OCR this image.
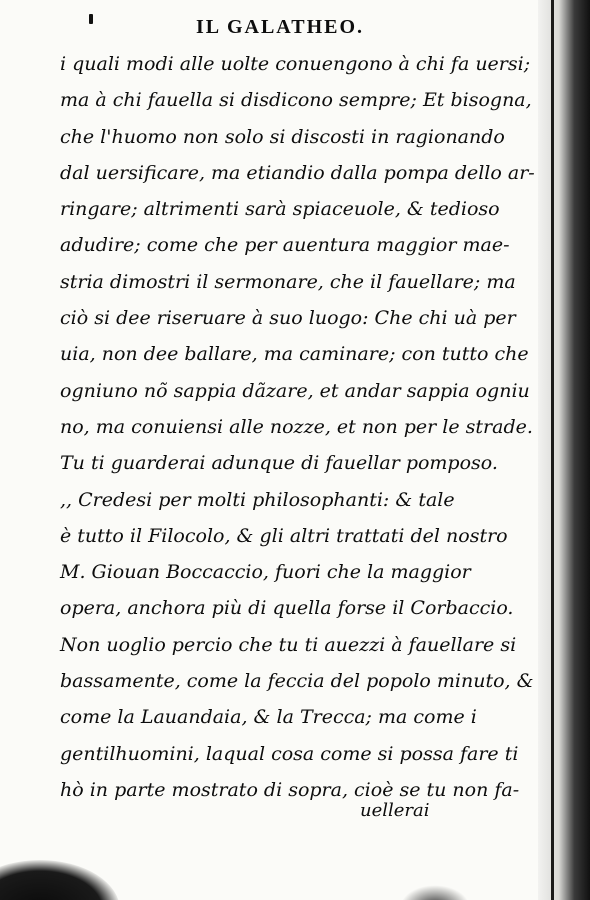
IL GALATHEO.
i quali modi alle uolte conuengono à chi fa uersi;
ma à chi fauella si disdicono sempre; Et bisogna,
che l'huomo non solo si discosti in ragionando
dal uersificare, ma etiandio dalla pompa dello ar-
ringare; altrimenti sarà spiaceuole, & tedioso
adudire; come che per auentura maggior mae-
stria dimostri il sermonare, che il fauellare; ma
ciò si dee riseruare à suo luogo: Che chi uà per
uia, non dee ballare, ma caminare; con tutto che
ogniuno nõ sappia dãzare, et andar sappia ogniu
no, ma conuiensi alle nozze, et non per le strade.
Tu ti guarderai adunque di fauellar pomposo.
,, Credesi per molti philosophanti: & tale
è tutto il Filocolo, & gli altri trattati del nostro
M. Giouan Boccaccio, fuori che la maggior
opera, anchora più di quella forse il Corbaccio.
Non uoglio percio che tu ti auezzi à fauellare si
bassamente, come la feccia del popolo minuto, &
come la Lauandaia, & la Trecca; ma come i
gentilhuomini, laqual cosa come si possa fare ti
hò in parte mostrato di sopra, cioè se tu non fa-
uellerai
